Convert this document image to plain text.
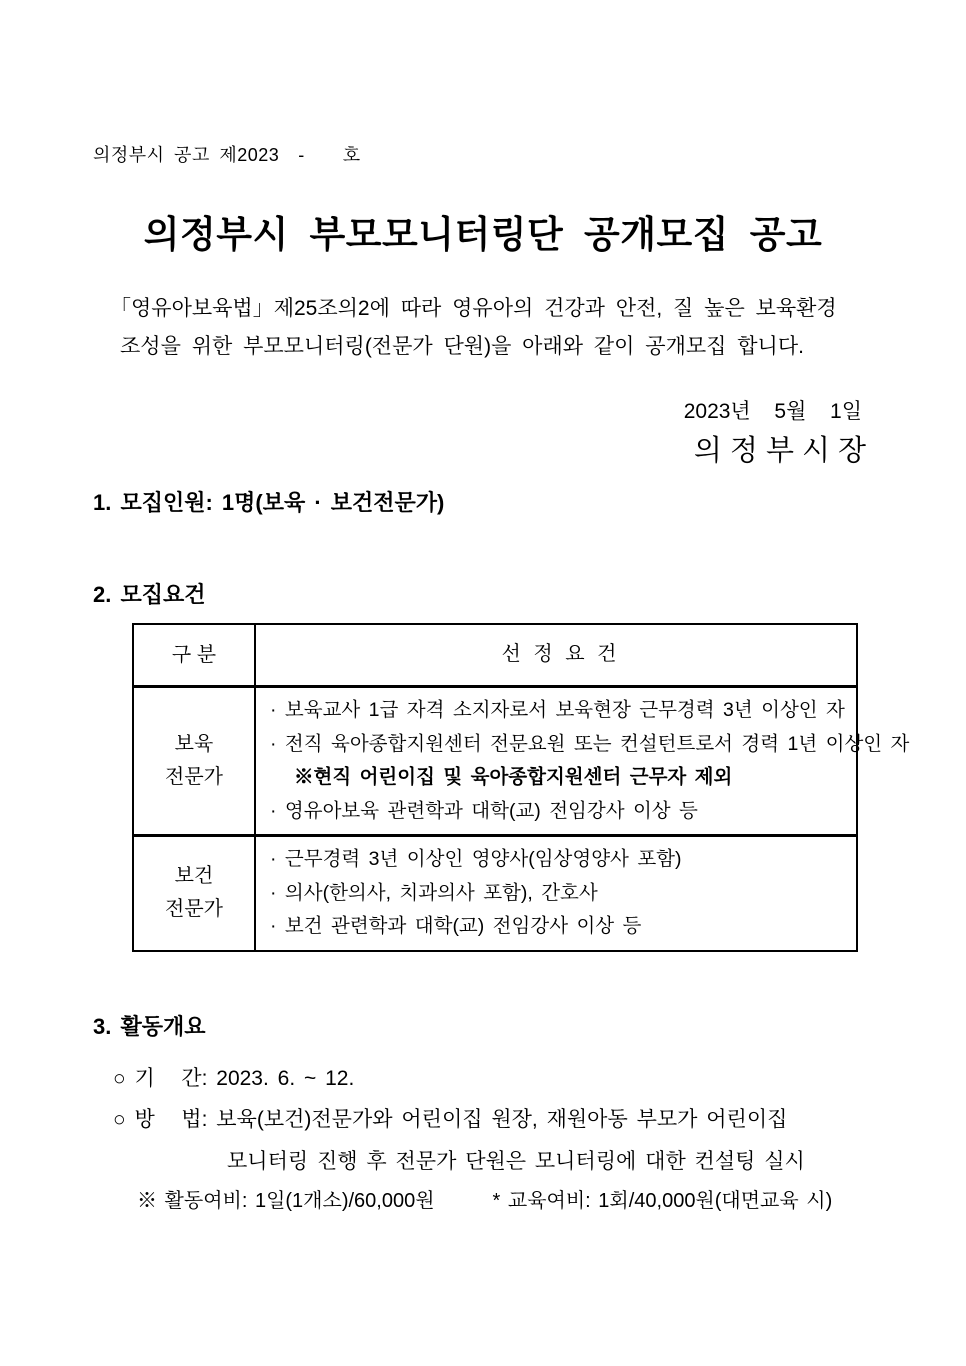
의정부시 공고 제2023  -    호
의정부시 부모모니터링단 공개모집 공고
「영유아보육법」제25조의2에 따라 영유아의 건강과 안전, 질 높은 보육환경
조성을 위한 부모모니터링(전문가 단원)을 아래와 같이 공개모집 합니다.
2023년  5월  1일
의정부시장
1. 모집인원: 1명(보육 · 보건전문가)
2. 모집요건
구 분	선 정 요 건
보육
전문가
· 보육교사 1급 자격 소지자로서 보육현장 근무경력 3년 이상인 자
· 전직 육아종합지원센터 전문요원 또는 컨설턴트로서 경력 1년 이상인 자
※현직 어린이집 및 육아종합지원센터 근무자 제외
· 영유아보육 관련학과 대학(교) 전임강사 이상 등
보건
전문가
· 근무경력 3년 이상인 영양사(임상영양사 포함)
· 의사(한의사, 치과의사 포함), 간호사
· 보건 관련학과 대학(교) 전임강사 이상 등
3. 활동개요
○ 기   간: 2023. 6. ~ 12.
○ 방   법: 보육(보건)전문가와 어린이집 원장, 재원아동 부모가 어린이집
모니터링 진행 후 전문가 단원은 모니터링에 대한 컨설팅 실시
※ 활동여비: 1일(1개소)/60,000원	* 교육여비: 1회/40,000원(대면교육 시)
